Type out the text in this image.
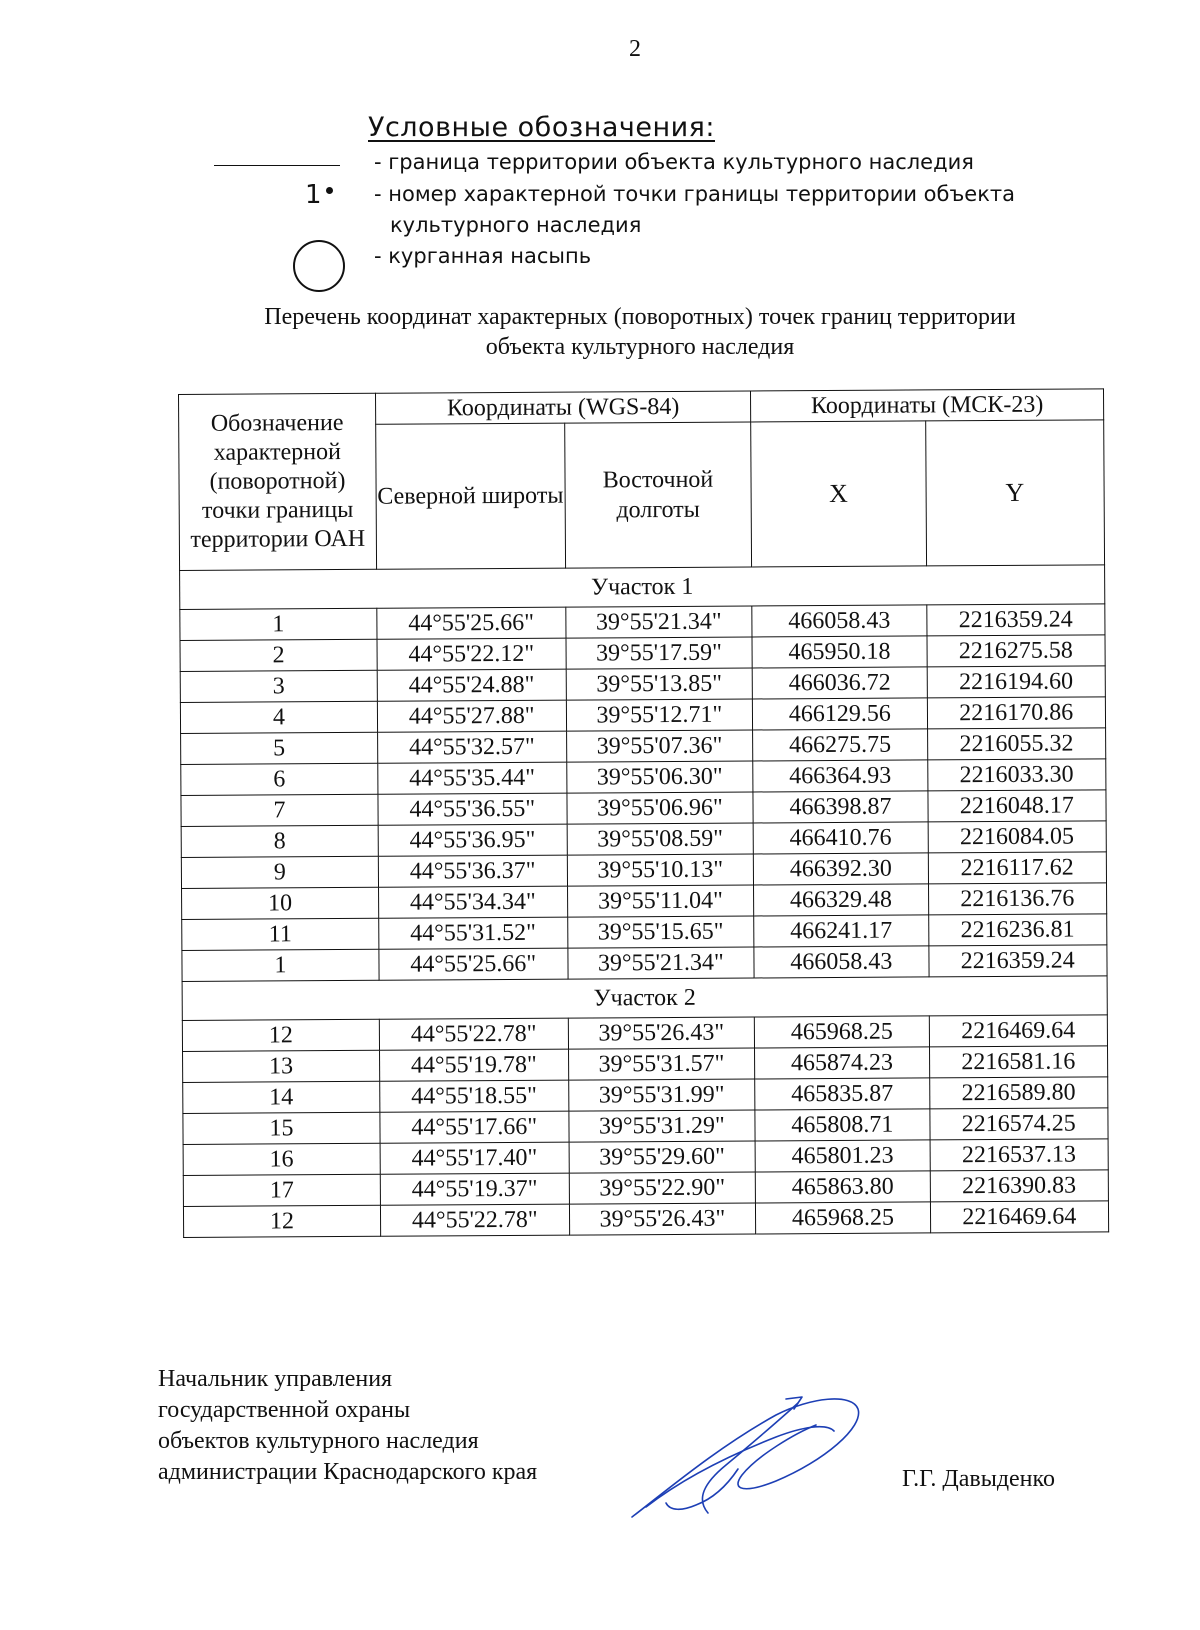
2
Условные обозначения:
- граница территории объекта культурного наследия
1	- номер характерной точки границы территории объекта
культурного наследия
- курганная насыпь
Перечень координат характерных (поворотных) точек границ территории
объекта культурного наследия
Обозначение характерной (поворотной) точки границы территории ОАН	Координаты (WGS-84)		Координаты (МСК-23)	
	Северной широты	Восточной долготы	X	Y
Участок 1				
1	44°55'25.66"	39°55'21.34"	466058.43	2216359.24
2	44°55'22.12"	39°55'17.59"	465950.18	2216275.58
3	44°55'24.88"	39°55'13.85"	466036.72	2216194.60
4	44°55'27.88"	39°55'12.71"	466129.56	2216170.86
5	44°55'32.57"	39°55'07.36"	466275.75	2216055.32
6	44°55'35.44"	39°55'06.30"	466364.93	2216033.30
7	44°55'36.55"	39°55'06.96"	466398.87	2216048.17
8	44°55'36.95"	39°55'08.59"	466410.76	2216084.05
9	44°55'36.37"	39°55'10.13"	466392.30	2216117.62
10	44°55'34.34"	39°55'11.04"	466329.48	2216136.76
11	44°55'31.52"	39°55'15.65"	466241.17	2216236.81
1	44°55'25.66"	39°55'21.34"	466058.43	2216359.24
Участок 2				
12	44°55'22.78"	39°55'26.43"	465968.25	2216469.64
13	44°55'19.78"	39°55'31.57"	465874.23	2216581.16
14	44°55'18.55"	39°55'31.99"	465835.87	2216589.80
15	44°55'17.66"	39°55'31.29"	465808.71	2216574.25
16	44°55'17.40"	39°55'29.60"	465801.23	2216537.13
17	44°55'19.37"	39°55'22.90"	465863.80	2216390.83
12	44°55'22.78"	39°55'26.43"	465968.25	2216469.64
Начальник управления
государственной охраны
объектов культурного наследия
администрации Краснодарского края	Г.Г. Давыденко
